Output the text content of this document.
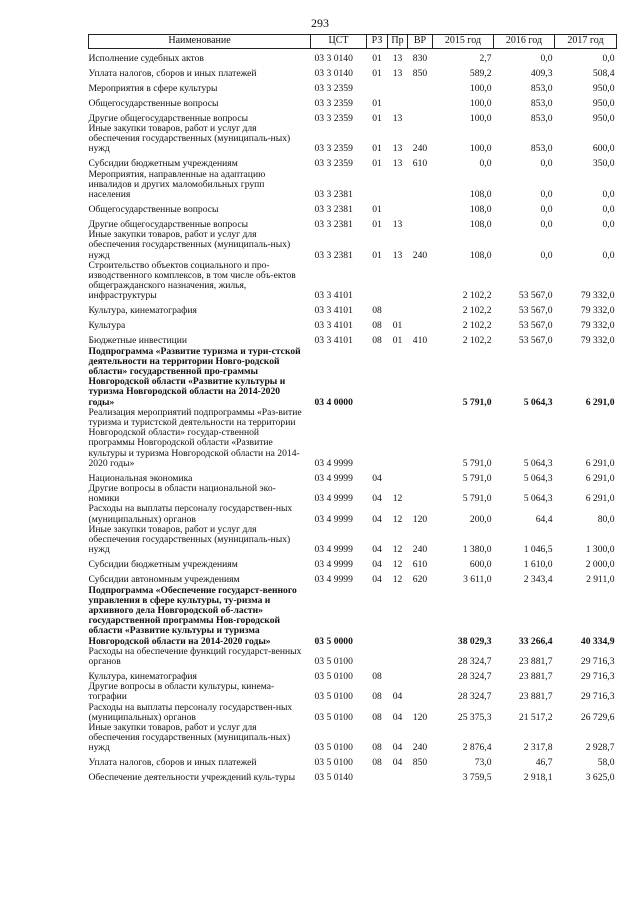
293
Наименование	ЦСТ	РЗ	Пр	ВР	2015 год	2016 год	2017 год
Исполнение судебных актов	03 3 0140	01	13	830	2,7	0,0	0,0
Уплата налогов, сборов и иных платежей	03 3 0140	01	13	850	589,2	409,3	508,4
Мероприятия в сфере культуры	03 3 2359				100,0	853,0	950,0
Общегосударственные вопросы	03 3 2359	01			100,0	853,0	950,0
Другие общегосударственные вопросы	03 3 2359	01	13		100,0	853,0	950,0
Иные закупки товаров, работ и услуг для обеспечения государственных (муниципаль-ных) нужд	03 3 2359	01	13	240	100,0	853,0	600,0
Субсидии бюджетным учреждениям	03 3 2359	01	13	610	0,0	0,0	350,0
Мероприятия, направленные на адаптацию инвалидов и других маломобильных групп населения	03 3 2381				108,0	0,0	0,0
Общегосударственные вопросы	03 3 2381	01			108,0	0,0	0,0
Другие общегосударственные вопросы	03 3 2381	01	13		108,0	0,0	0,0
Иные закупки товаров, работ и услуг для обеспечения государственных (муниципаль-ных) нужд	03 3 2381	01	13	240	108,0	0,0	0,0
Строительство объектов социального и про-изводственного комплексов, в том числе объ-ектов общегражданского назначения, жилья, инфраструктуры	03 3 4101				2 102,2	53 567,0	79 332,0
Культура, кинематография	03 3 4101	08			2 102,2	53 567,0	79 332,0
Культура	03 3 4101	08	01		2 102,2	53 567,0	79 332,0
Бюджетные инвестиции	03 3 4101	08	01	410	2 102,2	53 567,0	79 332,0
Подпрограмма «Развитие туризма и тури-стской деятельности на территории Новго-родской области» государственной про-граммы Новгородской области «Развитие культуры и туризма Новгородской области на 2014-2020 годы»	03 4 0000				5 791,0	5 064,3	6 291,0
Реализация мероприятий подпрограммы «Раз-витие туризма и туристской деятельности на территории Новгородской области» государ-ственной программы Новгородской области «Развитие культуры и туризма Новгородской области на 2014-2020 годы»	03 4 9999				5 791,0	5 064,3	6 291,0
Национальная экономика	03 4 9999	04			5 791,0	5 064,3	6 291,0
Другие вопросы в области национальной эко-номики	03 4 9999	04	12		5 791,0	5 064,3	6 291,0
Расходы на выплаты персоналу государствен-ных (муниципальных) органов	03 4 9999	04	12	120	200,0	64,4	80,0
Иные закупки товаров, работ и услуг для обеспечения государственных (муниципаль-ных) нужд	03 4 9999	04	12	240	1 380,0	1 046,5	1 300,0
Субсидии бюджетным учреждениям	03 4 9999	04	12	610	600,0	1 610,0	2 000,0
Субсидии автономным учреждениям	03 4 9999	04	12	620	3 611,0	2 343,4	2 911,0
Подпрограмма «Обеспечение государст-венного управления в сфере культуры, ту-ризма и архивного дела Новгородской об-ласти» государственной программы Нов-городской области «Развитие культуры и туризма Новгородской области на 2014-2020 годы»	03 5 0000				38 029,3	33 266,4	40 334,9
Расходы на обеспечение функций государст-венных органов	03 5 0100				28 324,7	23 881,7	29 716,3
Культура, кинематография	03 5 0100	08			28 324,7	23 881,7	29 716,3
Другие вопросы в области культуры, кинема-тографии	03 5 0100	08	04		28 324,7	23 881,7	29 716,3
Расходы на выплаты персоналу государствен-ных (муниципальных) органов	03 5 0100	08	04	120	25 375,3	21 517,2	26 729,6
Иные закупки товаров, работ и услуг для обеспечения государственных (муниципаль-ных) нужд	03 5 0100	08	04	240	2 876,4	2 317,8	2 928,7
Уплата налогов, сборов и иных платежей	03 5 0100	08	04	850	73,0	46,7	58,0
Обеспечение деятельности учреждений куль-туры	03 5 0140				3 759,5	2 918,1	3 625,0
